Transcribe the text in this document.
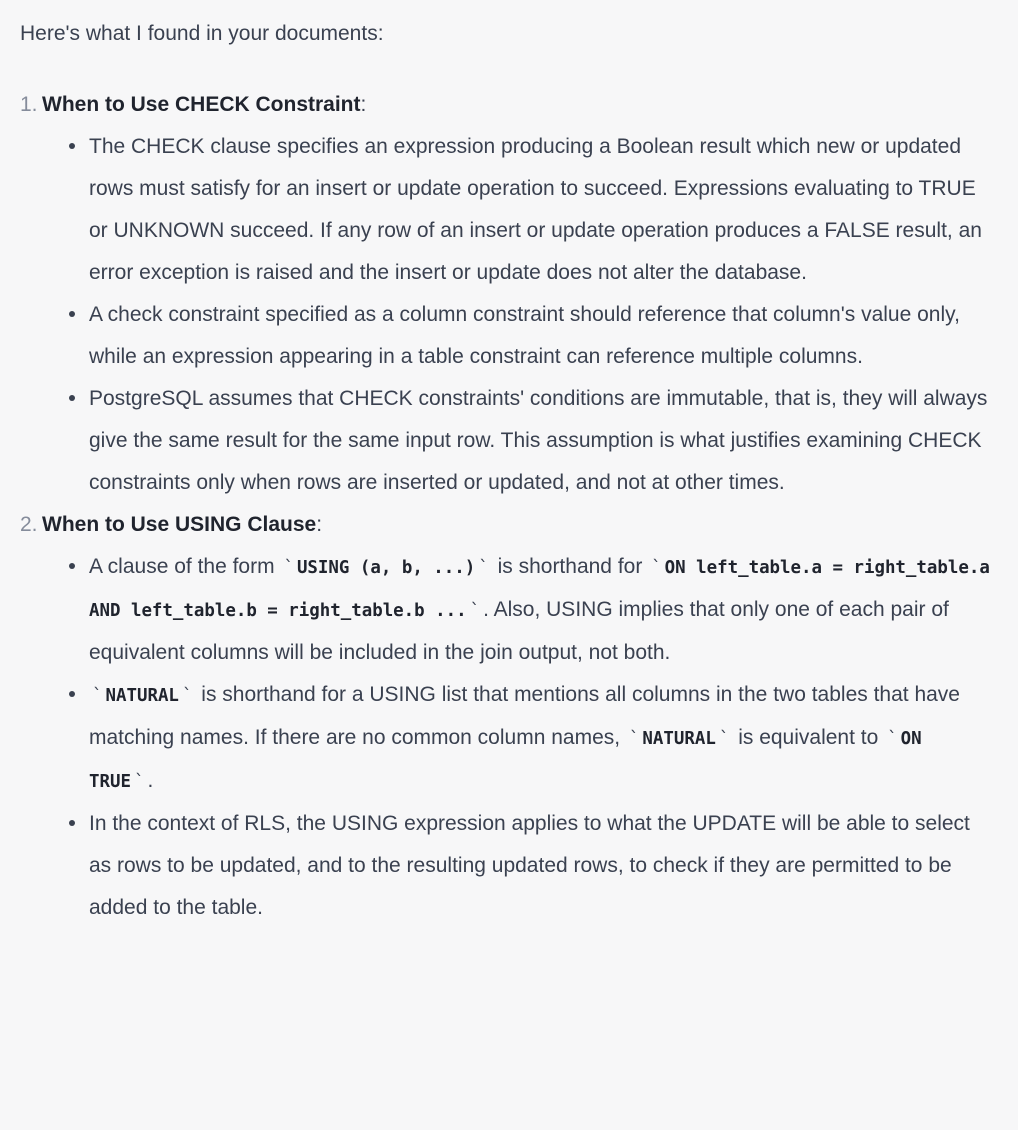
Here's what I found in your documents:

1. When to Use CHECK Constraint:
The CHECK clause specifies an expression producing a Boolean result which new or updated rows must satisfy for an insert or update operation to succeed. Expressions evaluating to TRUE or UNKNOWN succeed. If any row of an insert or update operation produces a FALSE result, an error exception is raised and the insert or update does not alter the database.
A check constraint specified as a column constraint should reference that column's value only, while an expression appearing in a table constraint can reference multiple columns.
PostgreSQL assumes that CHECK constraints' conditions are immutable, that is, they will always give the same result for the same input row. This assumption is what justifies examining CHECK constraints only when rows are inserted or updated, and not at other times.
2. When to Use USING Clause:
A clause of the form ` USING (a, b, ...) ` is shorthand for ` ON left_table.a = right_table.a AND left_table.b = right_table.b ... ` . Also, USING implies that only one of each pair of equivalent columns will be included in the join output, not both.
` NATURAL ` is shorthand for a USING list that mentions all columns in the two tables that have matching names. If there are no common column names, ` NATURAL ` is equivalent to ` ON TRUE ` .
In the context of RLS, the USING expression applies to what the UPDATE will be able to select as rows to be updated, and to the resulting updated rows, to check if they are permitted to be added to the table.
